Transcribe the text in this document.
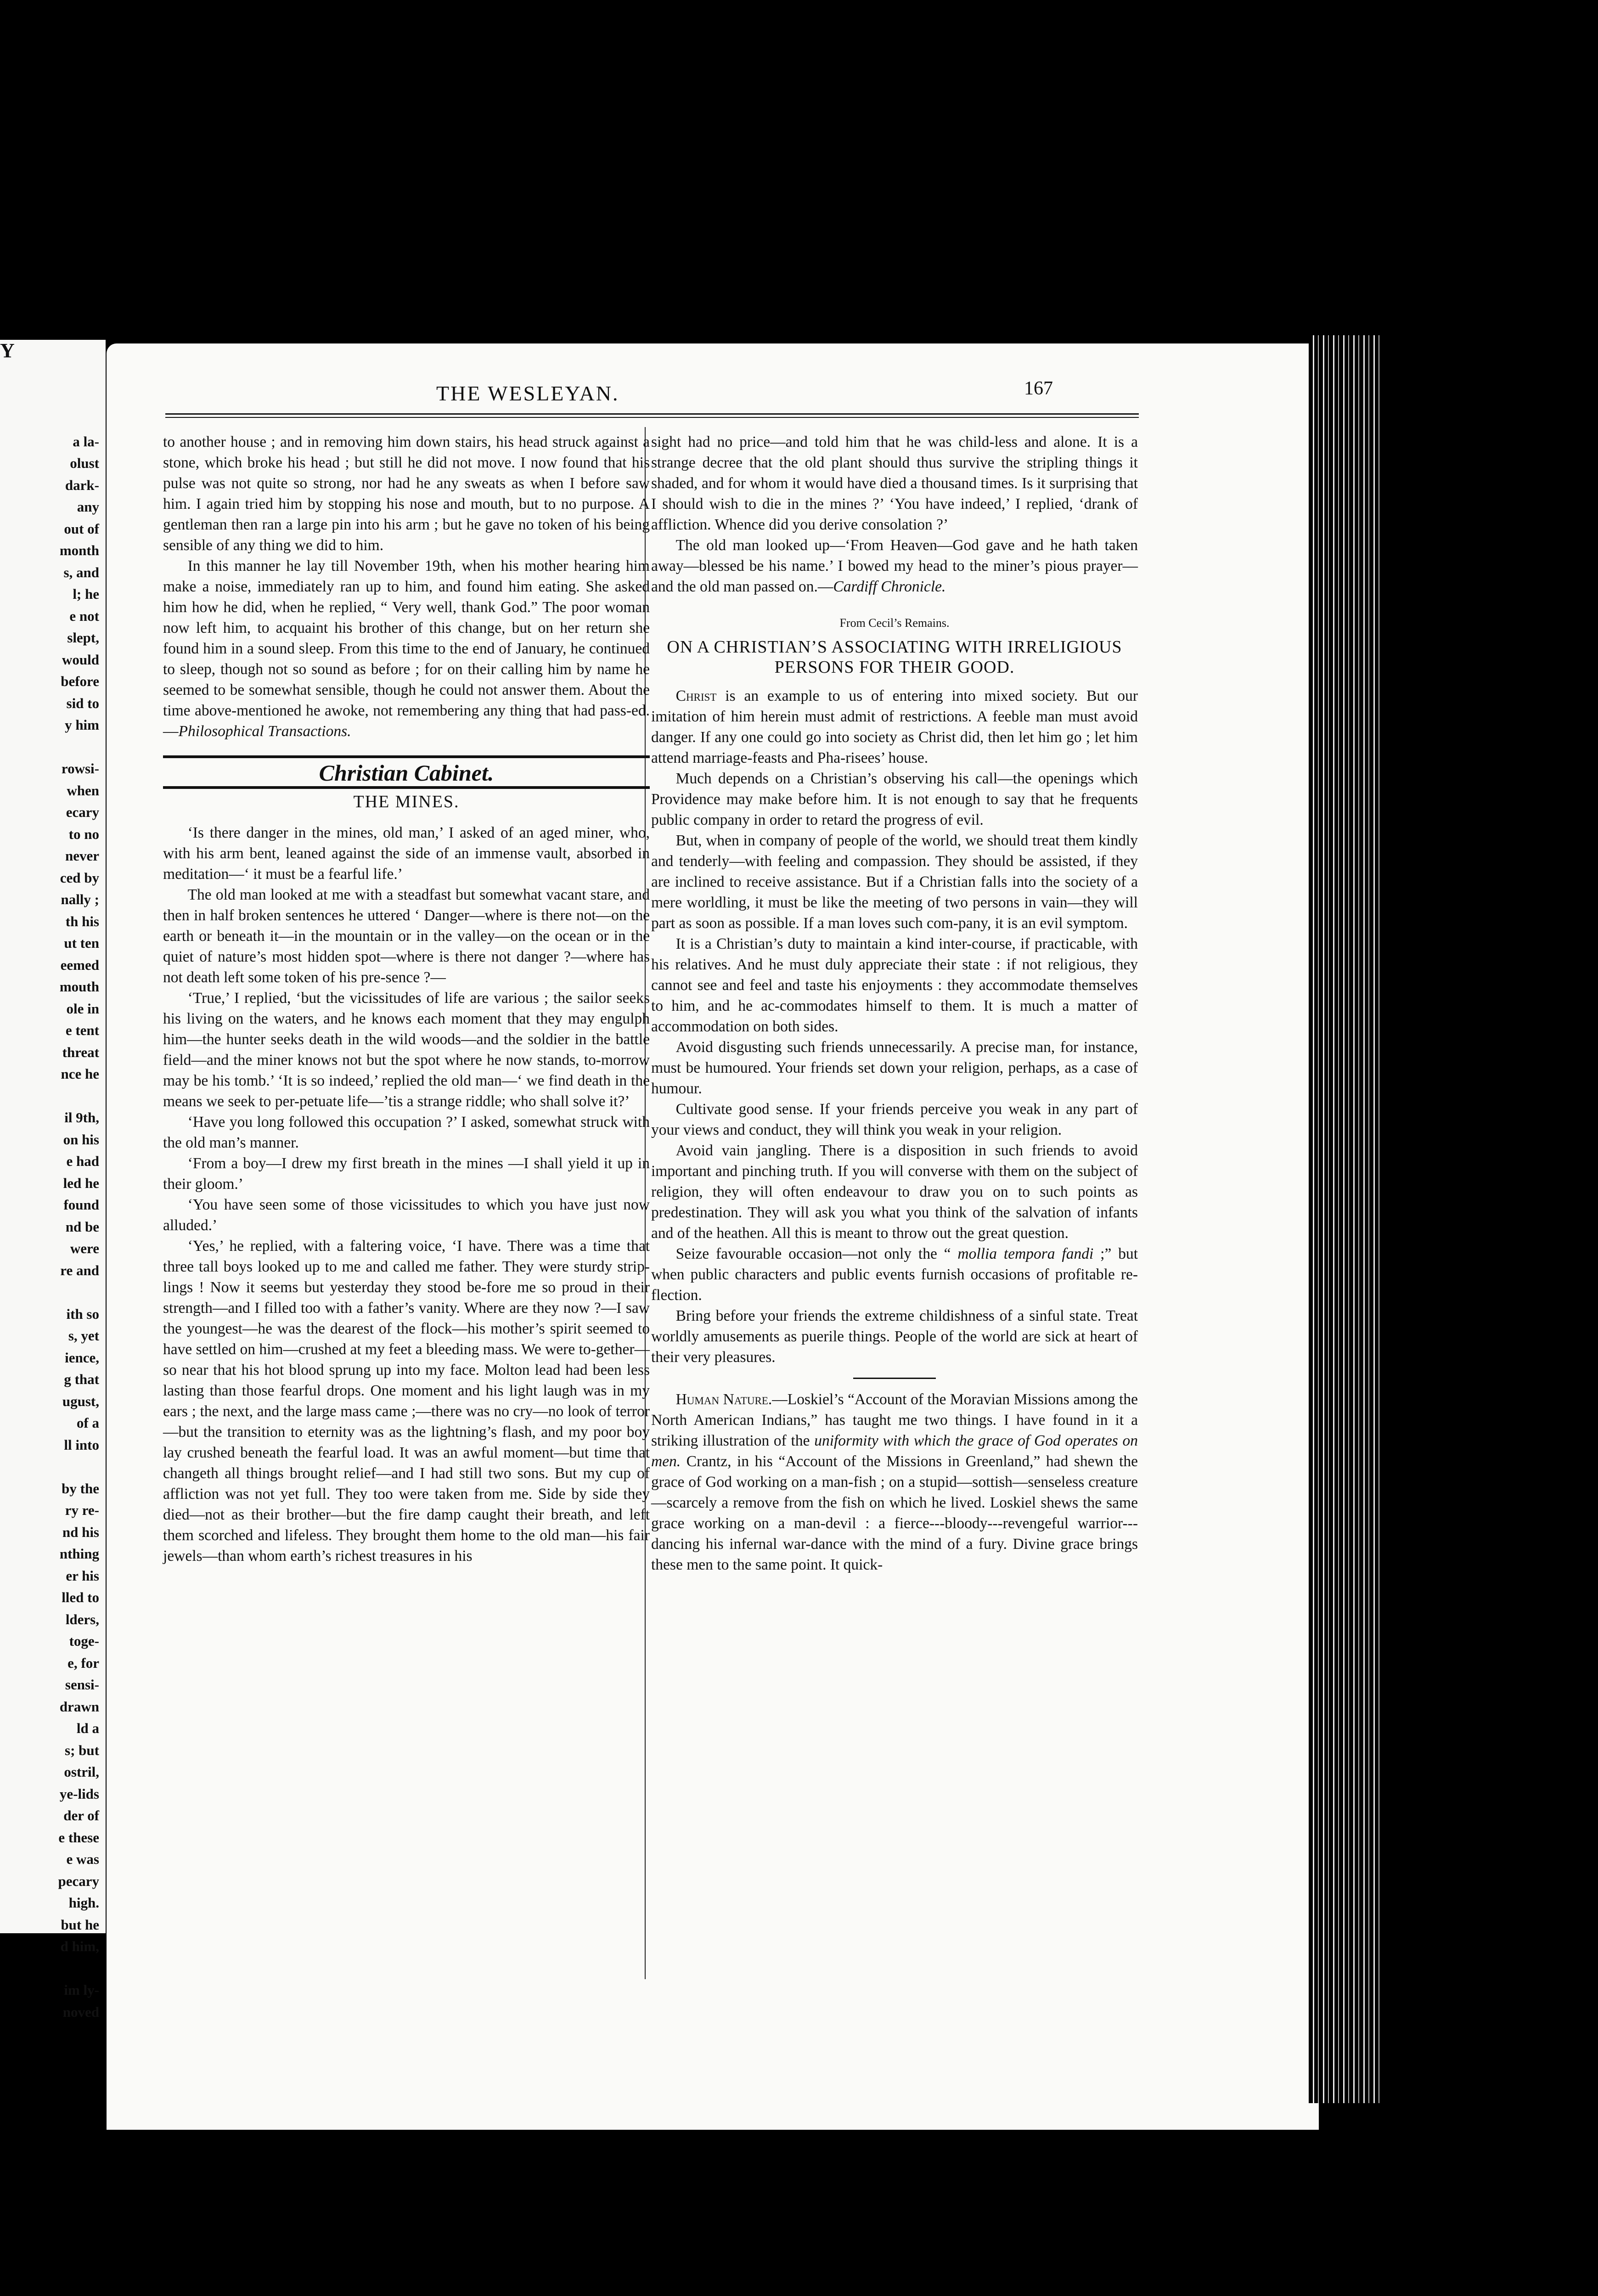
Y
a la-
olust
dark-
any
out of
month
s, and
l; he
e not
slept,
would
before
sid to
y him

rowsi-
when
ecary
to no
never
ced by
nally ;
th his
ut ten
eemed
mouth
ole in
e tent
threat
nce he

il 9th,
on his
e had
led he
found
nd be
were
re and

ith so
s, yet
ience,
g that
ugust,
of a
ll into

by the
ry re-
nd his
nthing
er his
lled to
lders,
toge-
e, for
sensi-
drawn
ld a
s; but
ostril,
ye-lids
der of
e these
e was
pecary
high.
but he
d him,

im ly-
noved
THE WESLEYAN.	167

to another house ; and in removing him down stairs, his head struck against a stone, which broke his head ; but still he did not move. I now found that his pulse was not quite so strong, nor had he any sweats as when I before saw him. I again tried him by stopping his nose and mouth, but to no purpose. A gentleman then ran a large pin into his arm ; but he gave no token of his being sensible of any thing we did to him.

In this manner he lay till November 19th, when his mother hearing him make a noise, immediately ran up to him, and found him eating. She asked him how he did, when he replied, “ Very well, thank God.” The poor woman now left him, to acquaint his brother of this change, but on her return she found him in a sound sleep. From this time to the end of January, he continued to sleep, though not so sound as before ; for on their calling him by name he seemed to be somewhat sensible, though he could not answer them. About the time above-mentioned he awoke, not remembering any thing that had pass-ed.—Philosophical Transactions.

Christian Cabinet.
THE MINES.

‘Is there danger in the mines, old man,’ I asked of an aged miner, who, with his arm bent, leaned against the side of an immense vault, absorbed in meditation—‘ it must be a fearful life.’

The old man looked at me with a steadfast but somewhat vacant stare, and then in half broken sentences he uttered ‘ Danger—where is there not—on the earth or beneath it—in the mountain or in the valley—on the ocean or in the quiet of nature’s most hidden spot—where is there not danger ?—where has not death left some token of his pre-sence ?—

‘True,’ I replied, ‘but the vicissitudes of life are various ; the sailor seeks his living on the waters, and he knows each moment that they may engulph him—the hunter seeks death in the wild woods—and the soldier in the battle field—and the miner knows not but the spot where he now stands, to-morrow may be his tomb.’ ‘It is so indeed,’ replied the old man—‘ we find death in the means we seek to per-petuate life—’tis a strange riddle; who shall solve it?’

‘Have you long followed this occupation ?’ I asked, somewhat struck with the old man’s manner.

‘From a boy—I drew my first breath in the mines —I shall yield it up in their gloom.’

‘You have seen some of those vicissitudes to which you have just now alluded.’

‘Yes,’ he replied, with a faltering voice, ‘I have. There was a time that three tall boys looked up to me and called me father. They were sturdy strip-lings ! Now it seems but yesterday they stood be-fore me so proud in their strength—and I filled too with a father’s vanity. Where are they now ?—I saw the youngest—he was the dearest of the flock—his mother’s spirit seemed to have settled on him—crushed at my feet a bleeding mass. We were to-gether—so near that his hot blood sprung up into my face. Molton lead had been less lasting than those fearful drops. One moment and his light laugh was in my ears ; the next, and the large mass came ;—there was no cry—no look of terror—but the transition to eternity was as the lightning’s flash, and my poor boy lay crushed beneath the fearful load. It was an awful moment—but time that changeth all things brought relief—and I had still two sons. But my cup of affliction was not yet full. They too were taken from me. Side by side they died—not as their brother—but the fire damp caught their breath, and left them scorched and lifeless. They brought them home to the old man—his fair jewels—than whom earth’s richest treasures in his

sight had no price—and told him that he was child-less and alone. It is a strange decree that the old plant should thus survive the stripling things it shaded, and for whom it would have died a thousand times. Is it surprising that I should wish to die in the mines ?’ ‘You have indeed,’ I replied, ‘drank of affliction. Whence did you derive consolation ?’

The old man looked up—‘From Heaven—God gave and he hath taken away—blessed be his name.’ I bowed my head to the miner’s pious prayer—and the old man passed on.—Cardiff Chronicle.

From Cecil’s Remains.
ON A CHRISTIAN’S ASSOCIATING WITH IRRELIGIOUS PERSONS FOR THEIR GOOD.

Christ is an example to us of entering into mixed society. But our imitation of him herein must admit of restrictions. A feeble man must avoid danger. If any one could go into society as Christ did, then let him go ; let him attend marriage-feasts and Pha-risees’ house.

Much depends on a Christian’s observing his call—the openings which Providence may make before him. It is not enough to say that he frequents public company in order to retard the progress of evil.

But, when in company of people of the world, we should treat them kindly and tenderly—with feeling and compassion. They should be assisted, if they are inclined to receive assistance. But if a Christian falls into the society of a mere worldling, it must be like the meeting of two persons in vain—they will part as soon as possible. If a man loves such com-pany, it is an evil symptom.

It is a Christian’s duty to maintain a kind inter-course, if practicable, with his relatives. And he must duly appreciate their state : if not religious, they cannot see and feel and taste his enjoyments : they accommodate themselves to him, and he ac-commodates himself to them. It is much a matter of accommodation on both sides.

Avoid disgusting such friends unnecessarily. A precise man, for instance, must be humoured. Your friends set down your religion, perhaps, as a case of humour.

Cultivate good sense. If your friends perceive you weak in any part of your views and conduct, they will think you weak in your religion.

Avoid vain jangling. There is a disposition in such friends to avoid important and pinching truth. If you will converse with them on the subject of religion, they will often endeavour to draw you on to such points as predestination. They will ask you what you think of the salvation of infants and of the heathen. All this is meant to throw out the great question.

Seize favourable occasion—not only the “ mollia tempora fandi ;” but when public characters and public events furnish occasions of profitable re-flection.

Bring before your friends the extreme childishness of a sinful state. Treat worldly amusements as puerile things. People of the world are sick at heart of their very pleasures.

Human Nature.—Loskiel’s “Account of the Moravian Missions among the North American Indians,” has taught me two things. I have found in it a striking illustration of the uniformity with which the grace of God operates on men. Crantz, in his “Account of the Missions in Greenland,” had shewn the grace of God working on a man-fish ; on a stupid—sottish—senseless creature—scarcely a remove from the fish on which he lived. Loskiel shews the same grace working on a man-devil : a fierce---bloody---revengeful warrior---dancing his infernal war-dance with the mind of a fury. Divine grace brings these men to the same point. It quick-
